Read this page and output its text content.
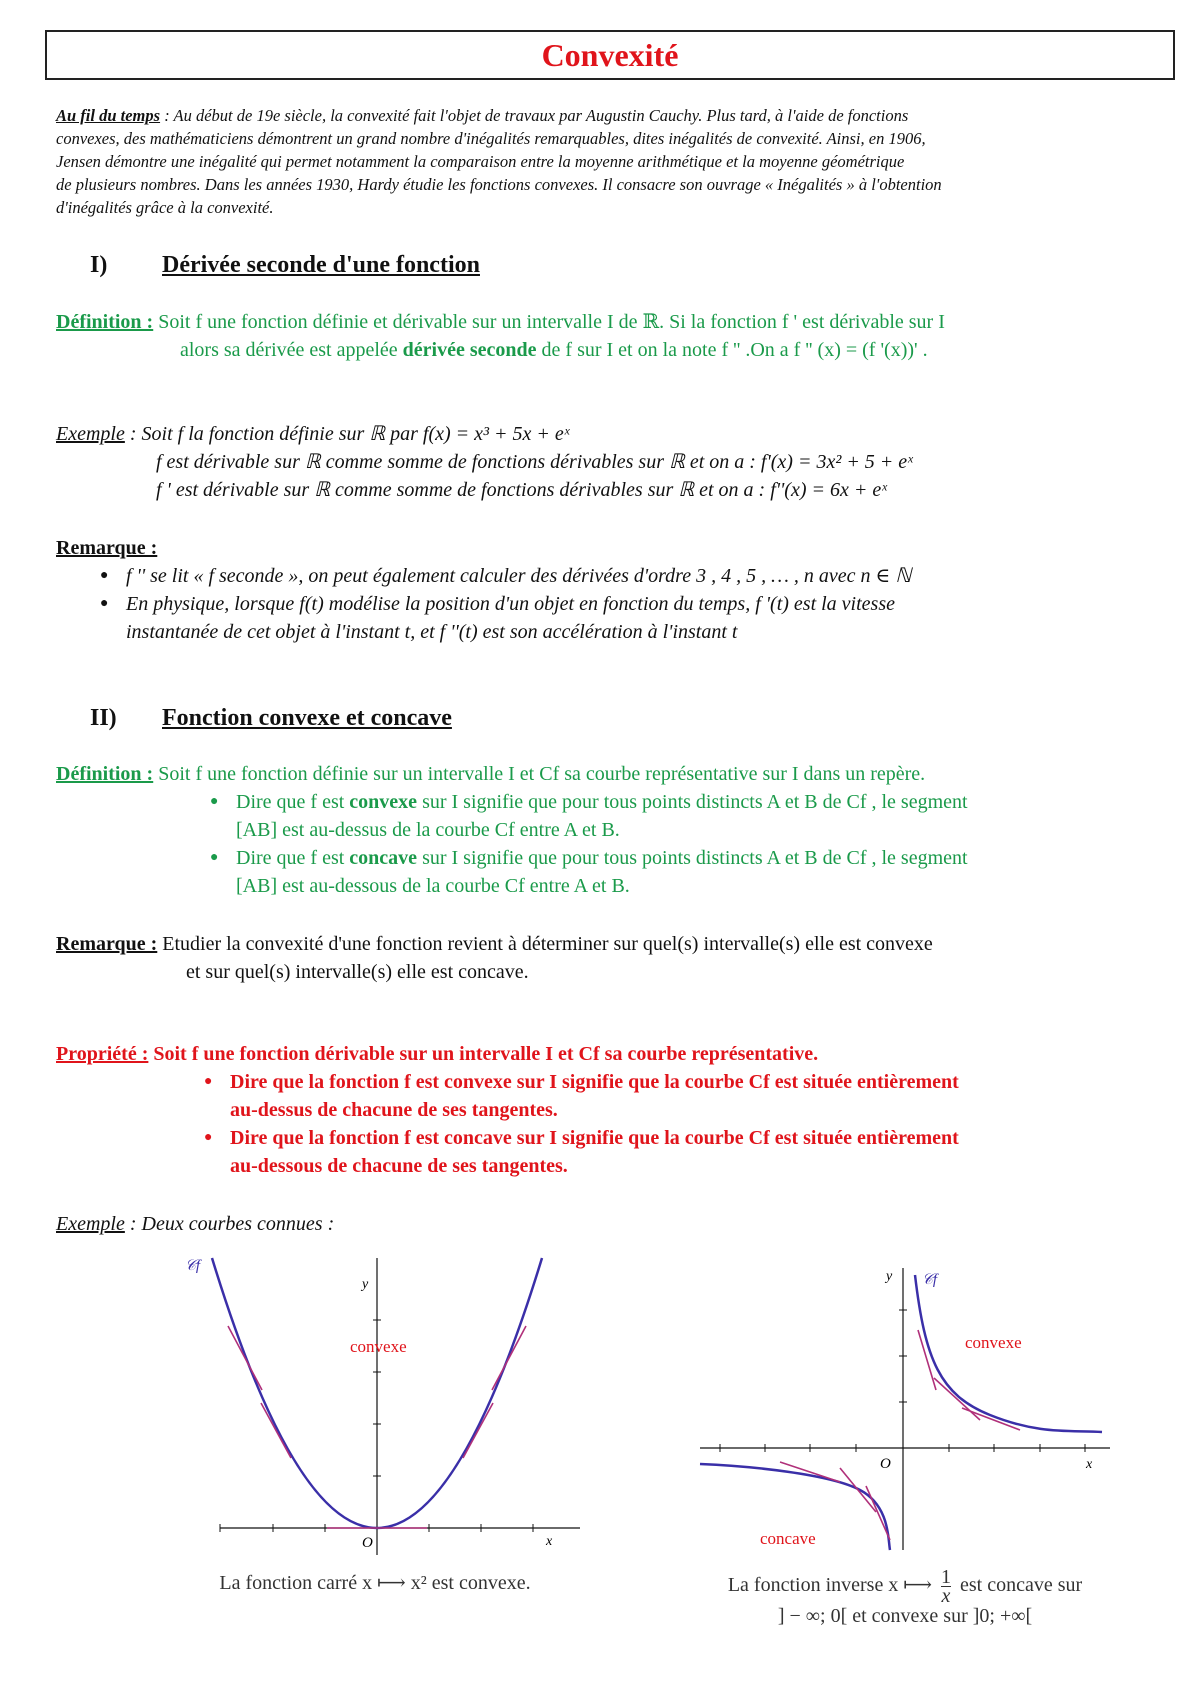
Convexité
Au fil du temps : Au début de 19e siècle, la convexité fait l'objet de travaux par Augustin Cauchy. Plus tard, à l'aide de fonctions
convexes, des mathématiciens démontrent un grand nombre d'inégalités remarquables, dites inégalités de convexité. Ainsi, en 1906,
Jensen démontre une inégalité qui permet notamment la comparaison entre la moyenne arithmétique et la moyenne géométrique
de plusieurs nombres. Dans les années 1930, Hardy étudie les fonctions convexes. Il consacre son ouvrage « Inégalités » à l'obtention
d'inégalités grâce à la convexité.
I) Dérivée seconde d'une fonction
Définition : Soit f une fonction définie et dérivable sur un intervalle I de ℝ. Si la fonction f ' est dérivable sur I
alors sa dérivée est appelée dérivée seconde de f sur I et on la note f '' .On a f '' (x) = (f '(x))' .
Exemple : Soit f la fonction définie sur ℝ par f(x) = x³ + 5x + eˣ
f est dérivable sur ℝ comme somme de fonctions dérivables sur ℝ et on a : f'(x) = 3x² + 5 + eˣ
f ' est dérivable sur ℝ comme somme de fonctions dérivables sur ℝ et on a : f''(x) = 6x + eˣ
Remarque :
● f '' se lit « f seconde », on peut également calculer des dérivées d'ordre 3 , 4 , 5 , … , n avec n ∈ ℕ
● En physique, lorsque f(t) modélise la position d'un objet en fonction du temps, f '(t) est la vitesse
instantanée de cet objet à l'instant t, et f ''(t) est son accélération à l'instant t
II) Fonction convexe et concave
Définition : Soit f une fonction définie sur un intervalle I et Cf sa courbe représentative sur I dans un repère.
● Dire que f est convexe sur I signifie que pour tous points distincts A et B de Cf , le segment
[AB] est au-dessus de la courbe Cf entre A et B.
● Dire que f est concave sur I signifie que pour tous points distincts A et B de Cf , le segment
[AB] est au-dessous de la courbe Cf entre A et B.
Remarque : Etudier la convexité d'une fonction revient à déterminer sur quel(s) intervalle(s) elle est convexe
et sur quel(s) intervalle(s) elle est concave.
Propriété : Soit f une fonction dérivable sur un intervalle I et Cf sa courbe représentative.
● Dire que la fonction f est convexe sur I signifie que la courbe Cf est située entièrement
au-dessus de chacune de ses tangentes.
● Dire que la fonction f est concave sur I signifie que la courbe Cf est située entièrement
au-dessous de chacune de ses tangentes.
Exemple : Deux courbes connues :
𝒞f
y
x
O
convexe
La fonction carré x ⟼ x² est convexe.
𝒞f
y
x
O
convexe
concave
La fonction inverse x ⟼ $\frac{1}{x}$ est concave sur
] − ∞; 0[ et convexe sur ]0; +∞[
